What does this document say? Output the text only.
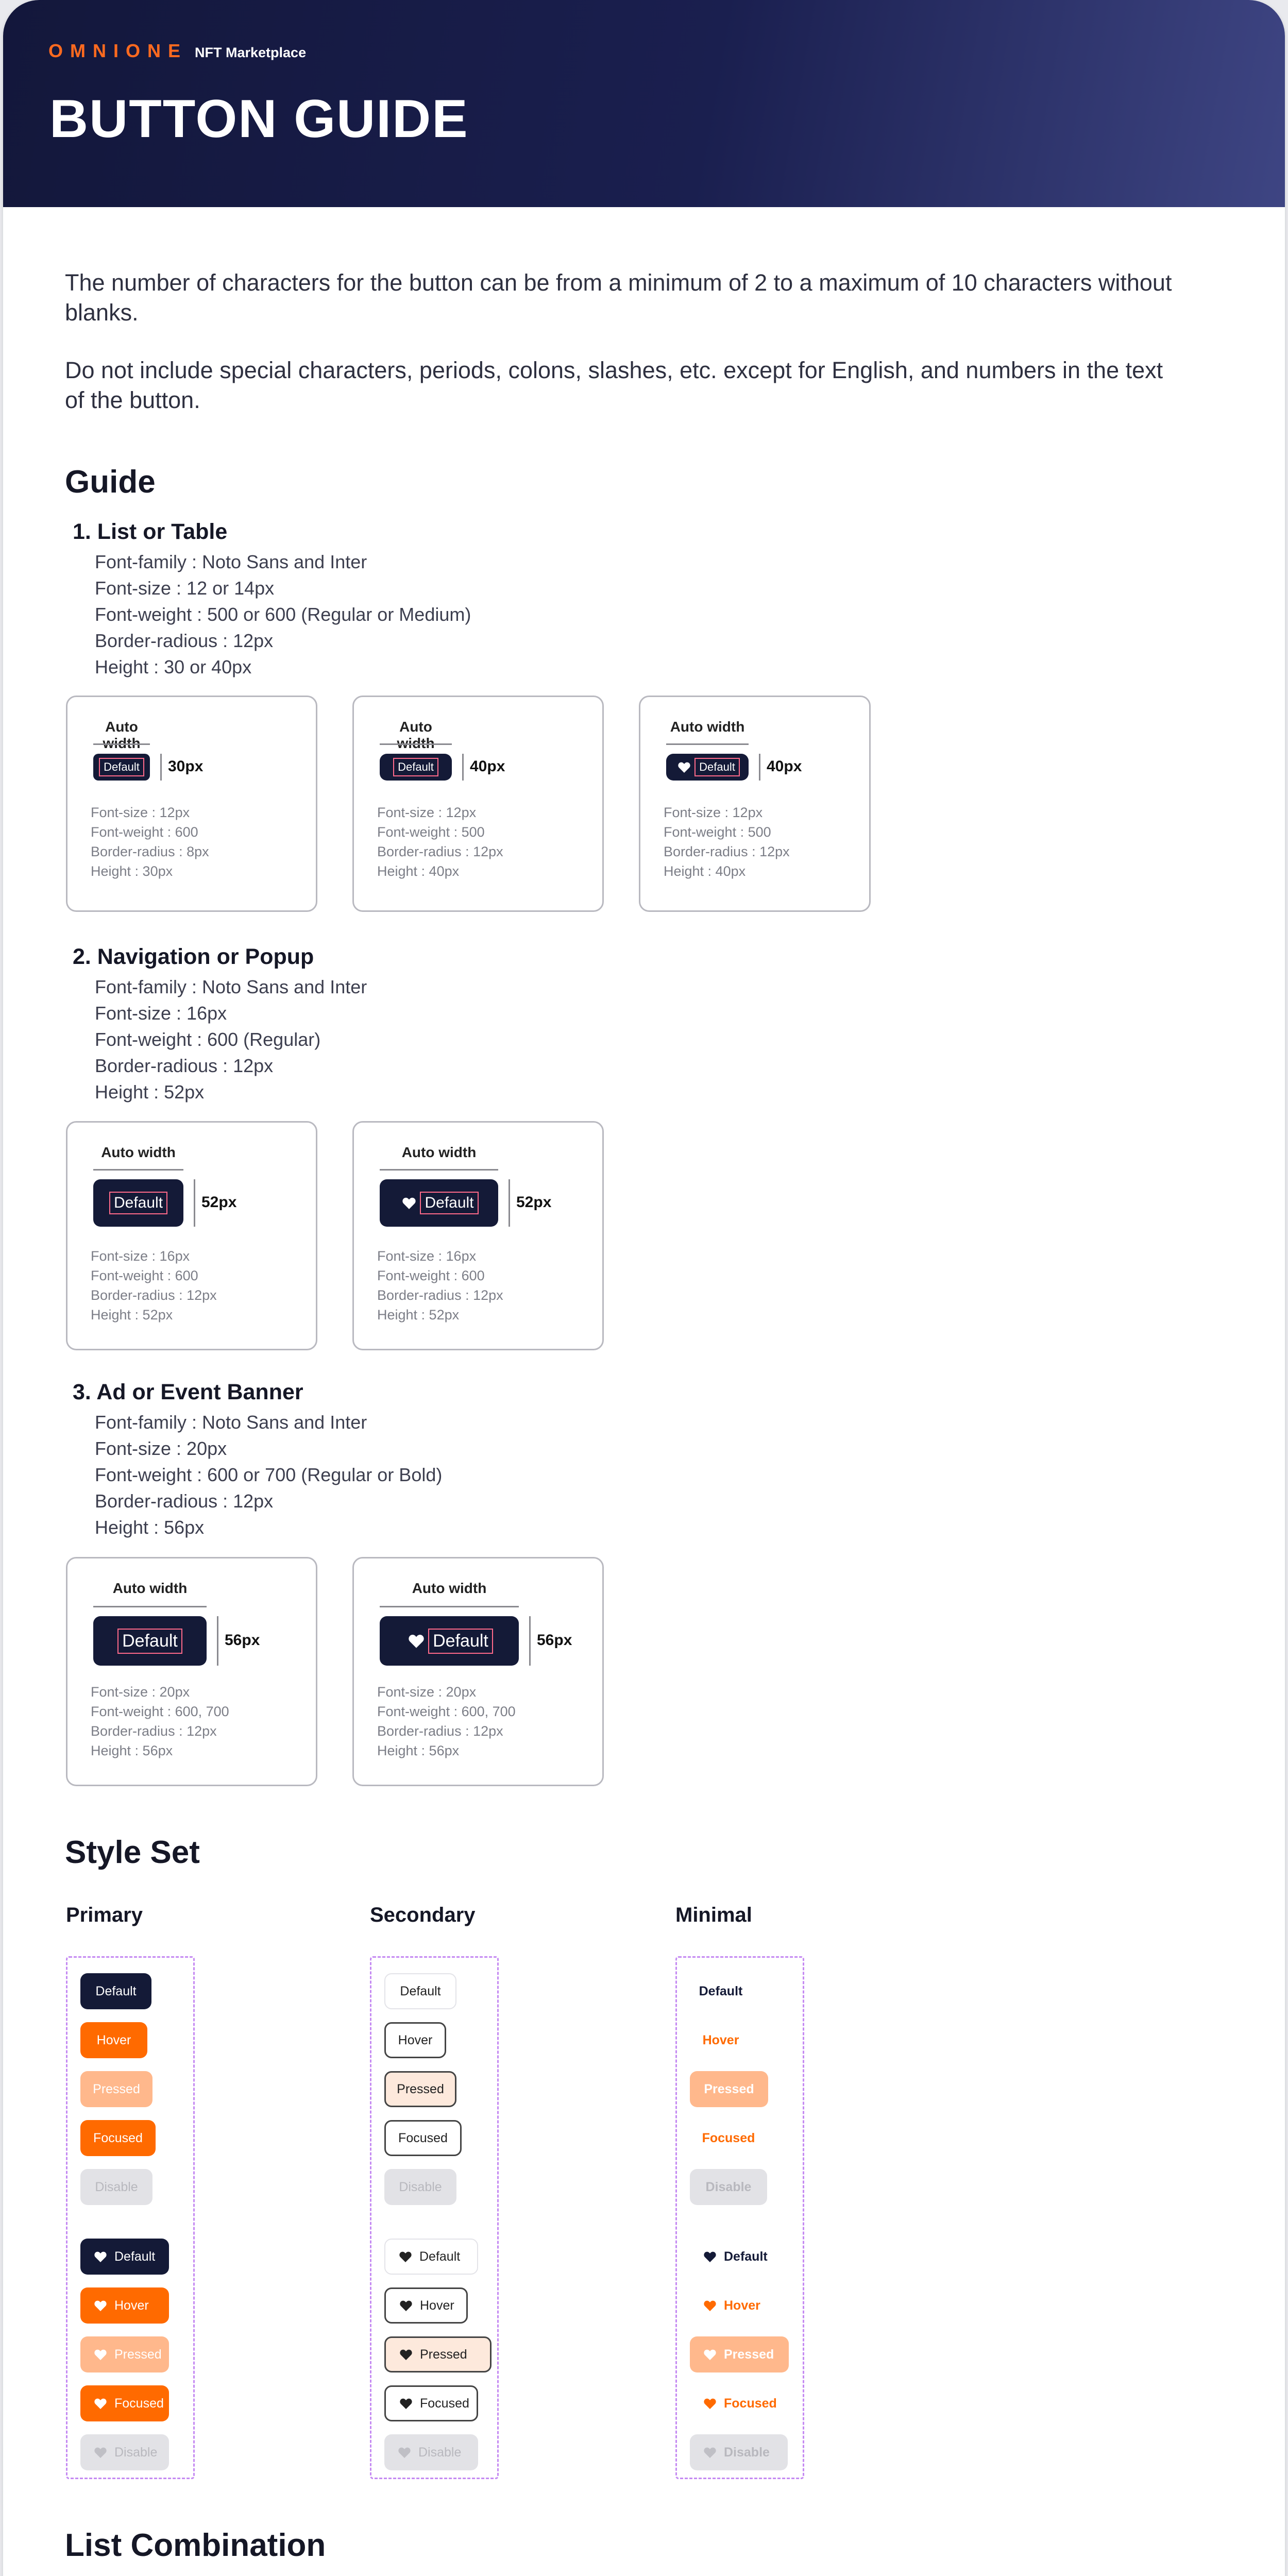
OMNIONE NFT Marketplace
BUTTON GUIDE
The number of characters for the button can be from a minimum of 2 to a maximum of 10 characters without blanks.
Do not include special characters, periods, colons, slashes, etc. except for English, and numbers in the text of the button.
Guide
1. List or Table
Font-family : Noto Sans and Inter
Font-size : 12 or 14px
Font-weight : 500 or 600 (Regular or Medium)
Border-radious : 12px
Height : 30 or 40px
Auto width
Default 30px
Font-size : 12px
Font-weight : 600
Border-radius : 8px
Height : 30px
Auto width
Default 40px
Font-size : 12px
Font-weight : 500
Border-radius : 12px
Height : 40px
Auto width
Default 40px
Font-size : 12px
Font-weight : 500
Border-radius : 12px
Height : 40px
2. Navigation or Popup
Font-family : Noto Sans and Inter
Font-size : 16px
Font-weight : 600 (Regular)
Border-radious : 12px
Height : 52px
Auto width
Default 52px
Font-size : 16px
Font-weight : 600
Border-radius : 12px
Height : 52px
Auto width
Default	52px
Font-size : 16px
Font-weight : 600
Border-radius : 12px
Height : 52px
3. Ad or Event Banner
Font-family : Noto Sans and Inter
Font-size : 20px
Font-weight : 600 or 700 (Regular or Bold)
Border-radious : 12px
Height : 56px
Auto width
Default	56px
Font-size : 20px
Font-weight : 600, 700
Border-radius : 12px
Height : 56px
Auto width
Default	56px
Font-size : 20px
Font-weight : 600, 700
Border-radius : 12px
Height : 56px
Style Set
Primary
Default
Hover
Pressed
Focused
Disable
Default
Hover
Pressed
Focused
Disable
Secondary
Default
Hover
Pressed
Focused
Disable
Default
Hover
Pressed
Focused
Disable
Minimal
Default
Hover
Pressed
Focused
Disable
Default
Hover
Pressed
Focused
Disable
List Combination
